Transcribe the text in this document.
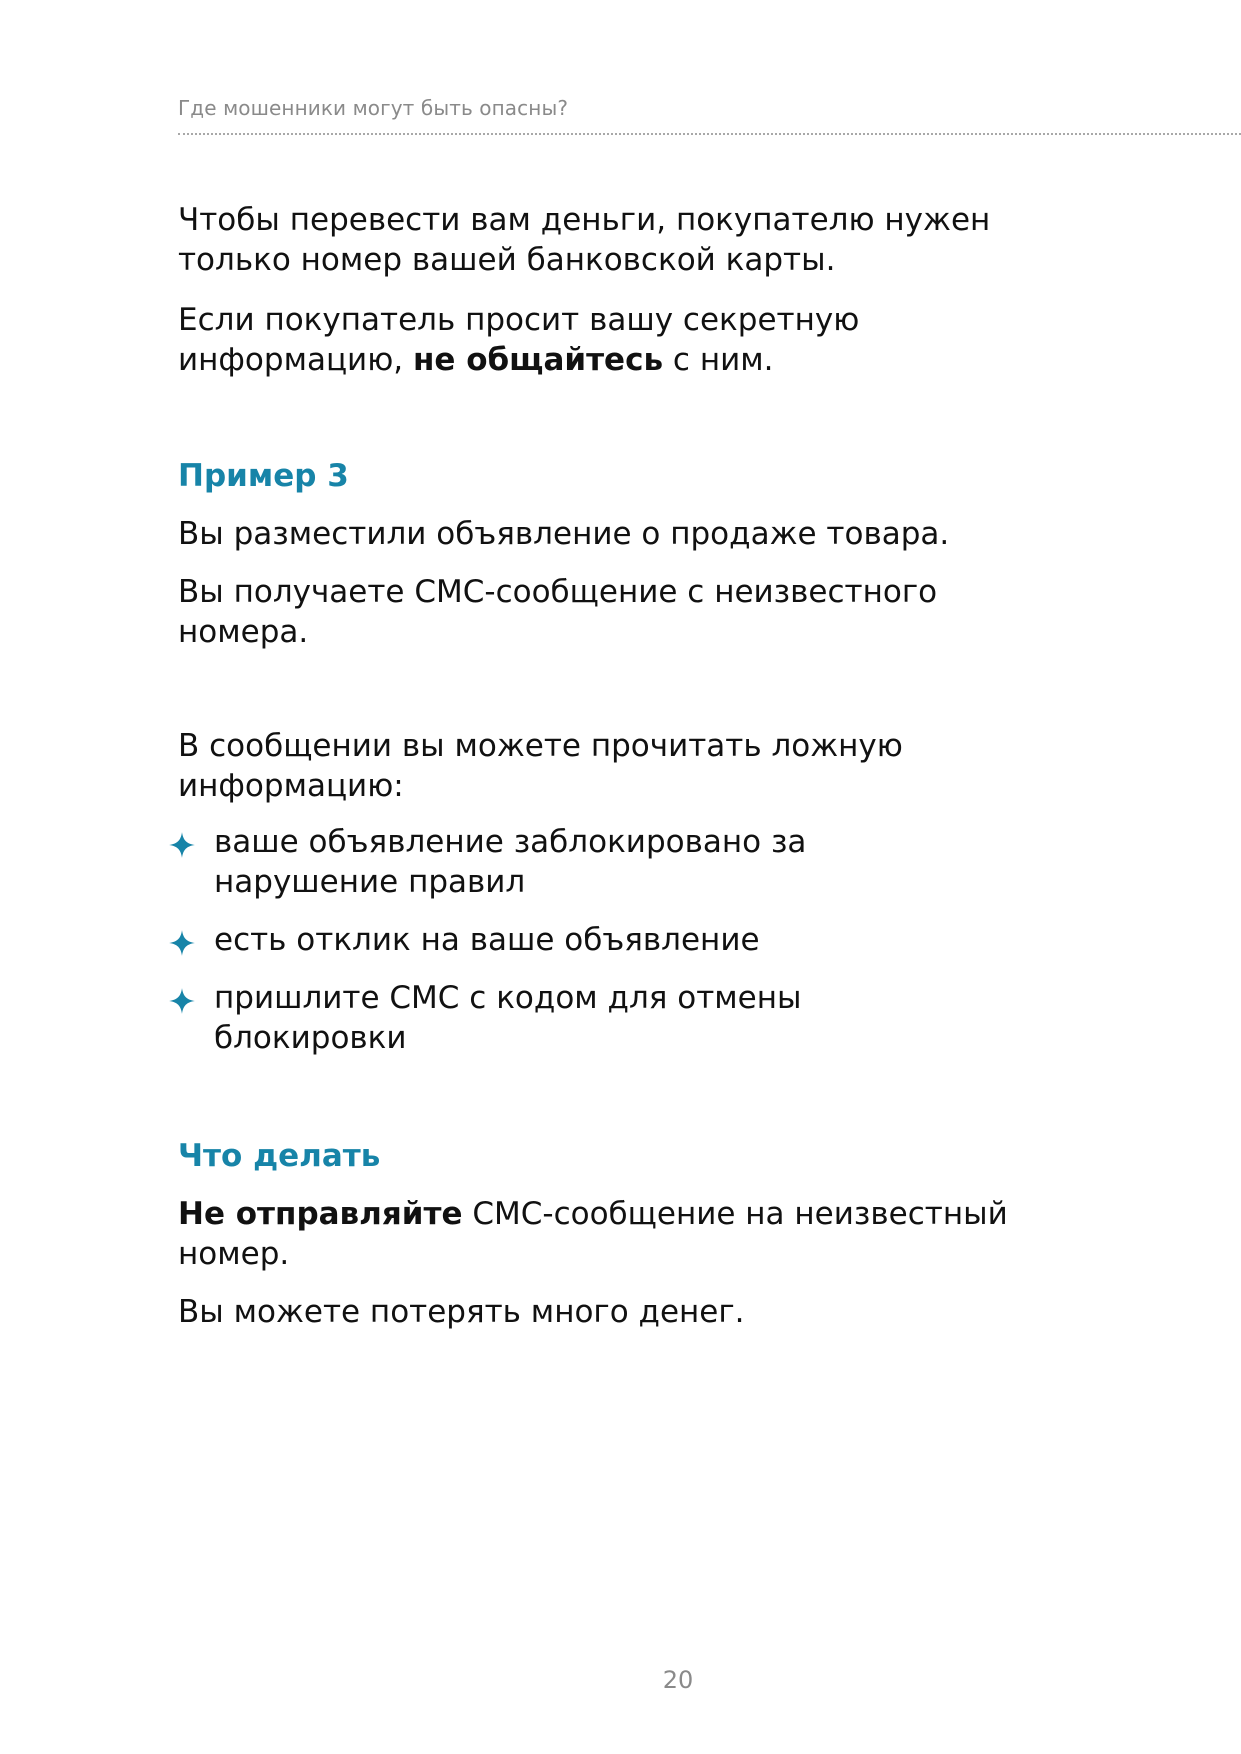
Где мошенники могут быть опасны?

Чтобы перевести вам деньги, покупателю нужен только номер вашей банковской карты.

Если покупатель просит вашу секретную информацию, не общайтесь с ним.

Пример 3

Вы разместили объявление о продаже товара.

Вы получаете СМС-сообщение с неизвестного номера.

В сообщении вы можете прочитать ложную информацию:

ваше объявление заблокировано за нарушение правил
есть отклик на ваше объявление
пришлите СМС с кодом для отмены блокировки
Что делать

Не отправляйте СМС-сообщение на неизвестный номер.

Вы можете потерять много денег.

20
